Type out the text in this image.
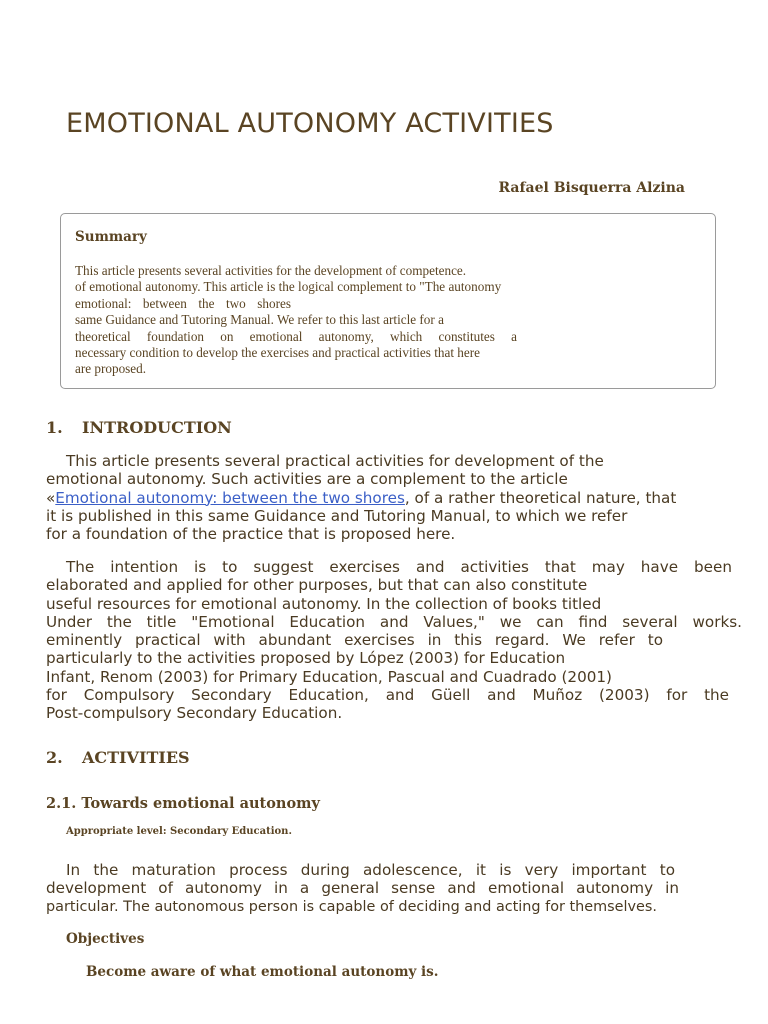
EMOTIONAL AUTONOMY ACTIVITIES
Rafael Bisquerra Alzina
Summary
This article presents several activities for the development of competence.
of emotional autonomy. This article is the logical complement to "The autonomy
emotional: between the two shores
same Guidance and Tutoring Manual. We refer to this last article for a
theoretical foundation on emotional autonomy, which constitutes a
necessary condition to develop the exercises and practical activities that here
are proposed.
1. INTRODUCTION
This article presents several practical activities for development of the
emotional autonomy. Such activities are a complement to the article
«Emotional autonomy: between the two shores, of a rather theoretical nature, that
it is published in this same Guidance and Tutoring Manual, to which we refer
for a foundation of the practice that is proposed here.
The intention is to suggest exercises and activities that may have been
elaborated and applied for other purposes, but that can also constitute
useful resources for emotional autonomy. In the collection of books titled
Under the title "Emotional Education and Values," we can find several works.
eminently practical with abundant exercises in this regard. We refer to
particularly to the activities proposed by López (2003) for Education
Infant, Renom (2003) for Primary Education, Pascual and Cuadrado (2001)
for Compulsory Secondary Education, and Güell and Muñoz (2003) for the
Post-compulsory Secondary Education.
2. ACTIVITIES
2.1. Towards emotional autonomy
Appropriate level: Secondary Education.
In the maturation process during adolescence, it is very important to
development of autonomy in a general sense and emotional autonomy in
particular. The autonomous person is capable of deciding and acting for themselves.
Objectives
Become aware of what emotional autonomy is.
